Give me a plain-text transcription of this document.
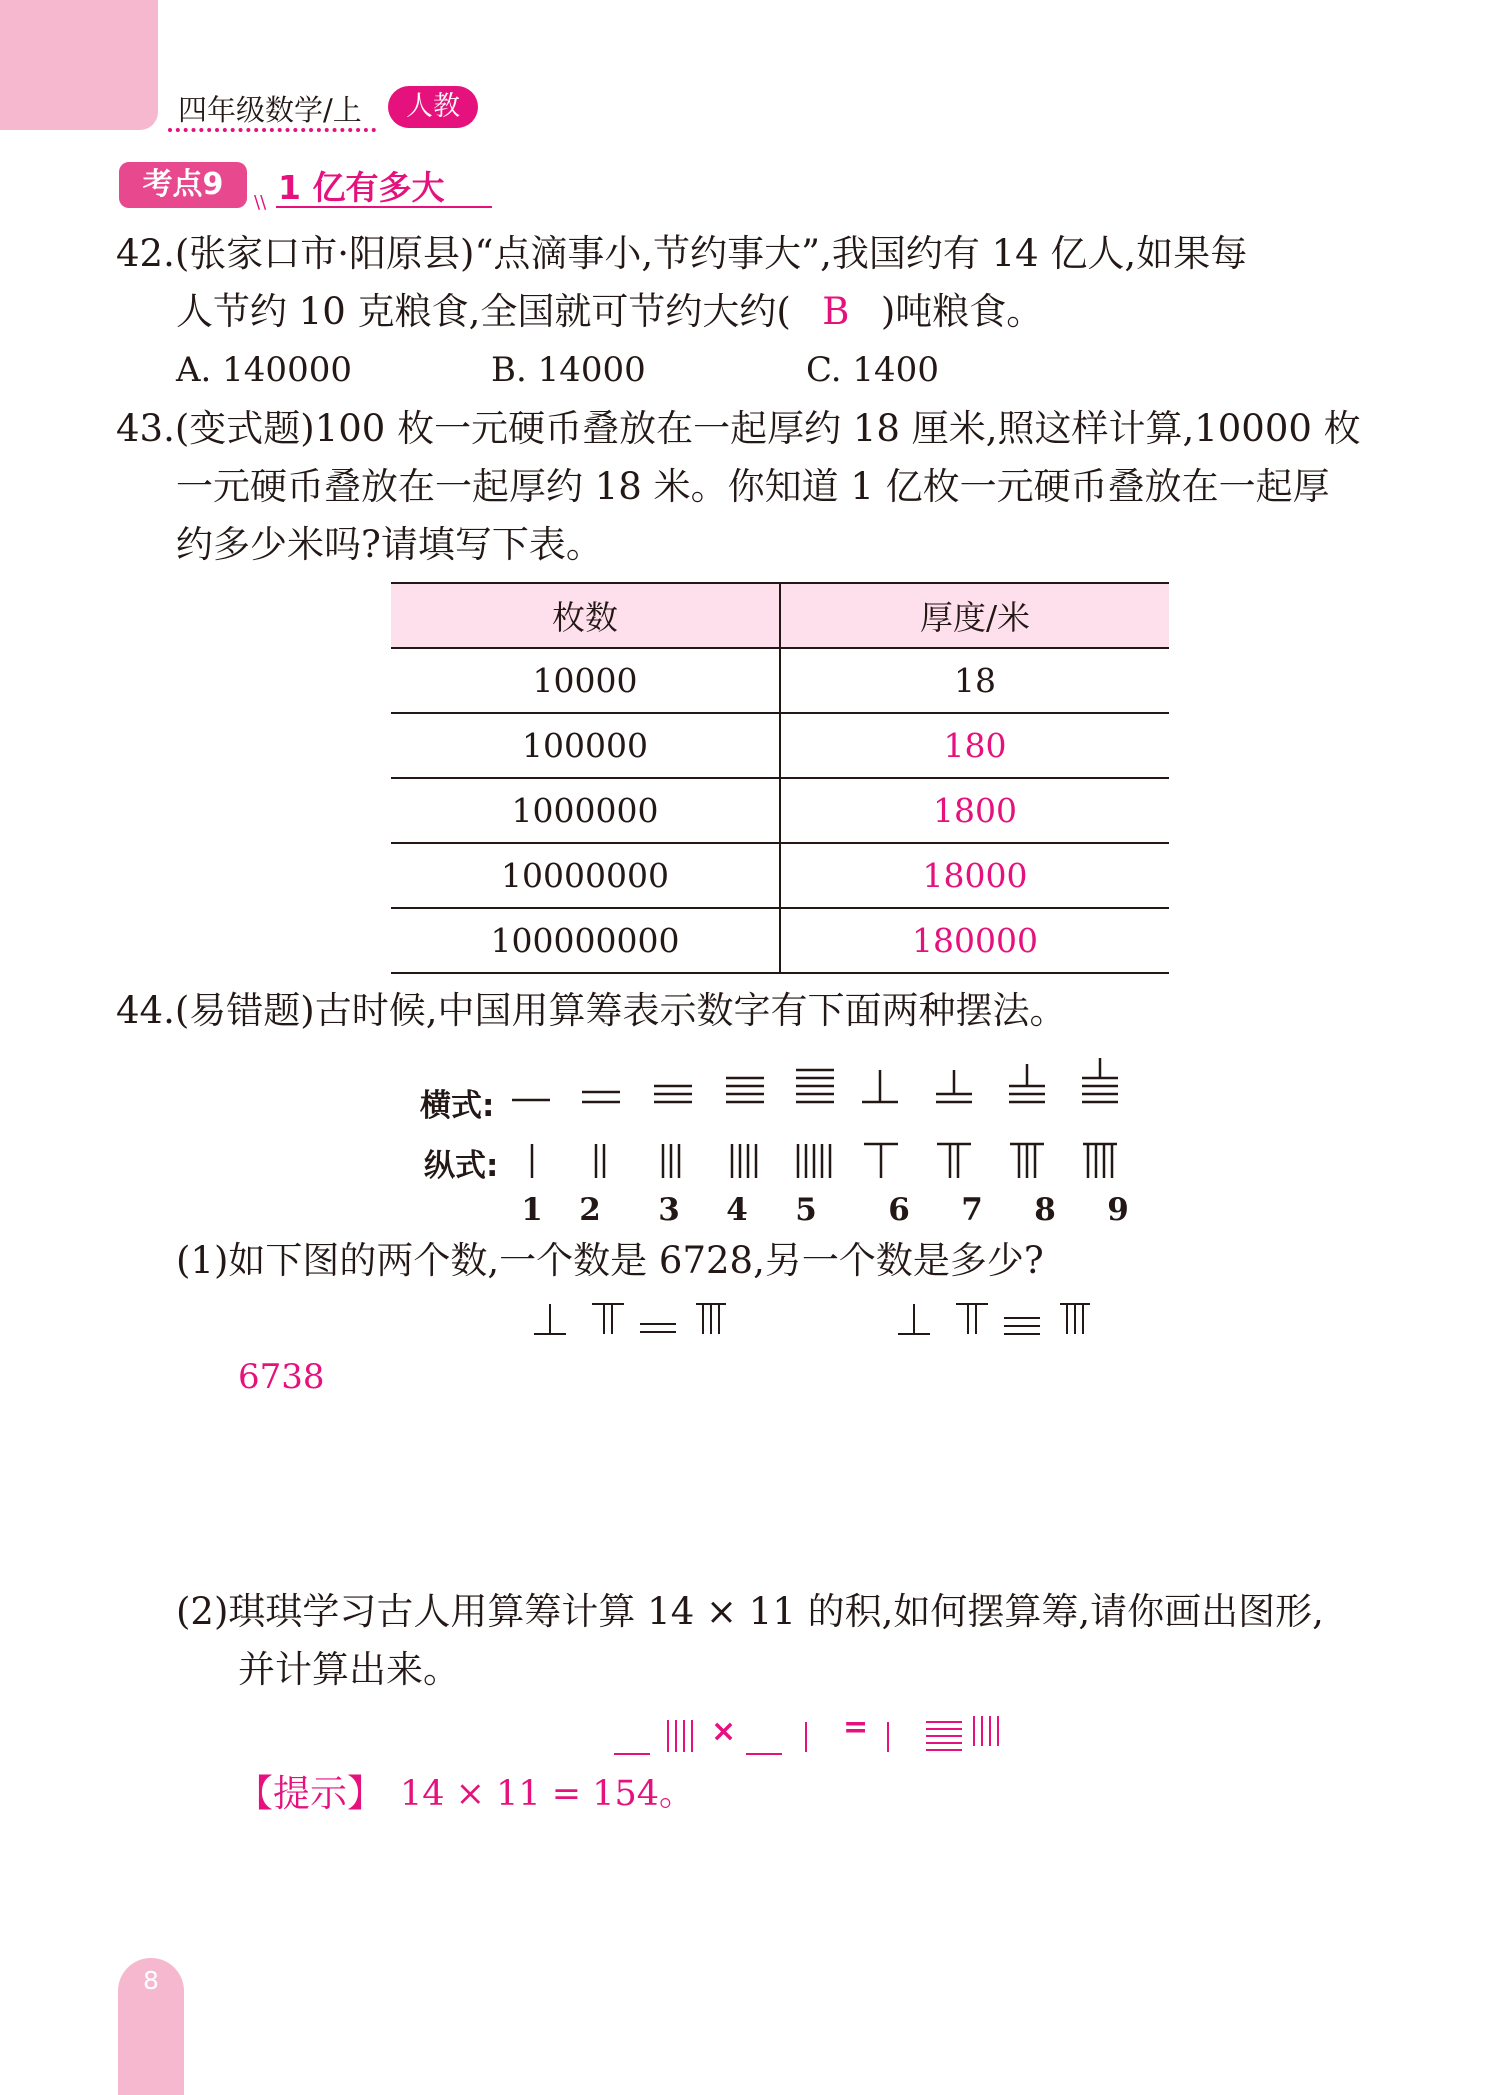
四年级数学/上	人教
考点9
\\ 1 亿有多大
42.(张家口市·阳原县)“点滴事小,节约事大”,我国约有 14 亿人,如果每
人节约 10 克粮食,全国就可节约大约( B )吨粮食。
A. 140000	B. 14000	C. 1400
43.(变式题)100 枚一元硬币叠放在一起厚约 18 厘米,照这样计算,10000 枚
一元硬币叠放在一起厚约 18 米。你知道 1 亿枚一元硬币叠放在一起厚
约多少米吗?请填写下表。
枚数	厚度/米
10000	18
100000	180
1000000	1800
10000000	18000
100000000	180000
44.(易错题)古时候,中国用算筹表示数字有下面两种摆法。
横式:
纵式:
1 2 3 4 5 6 7 8 9
(1)如下图的两个数,一个数是 6728,另一个数是多少?
6738
(2)琪琪学习古人用算筹计算 14 × 11 的积,如何摆算筹,请你画出图形,
并计算出来。
×	=
【提示】 14 × 11 = 154。
8
